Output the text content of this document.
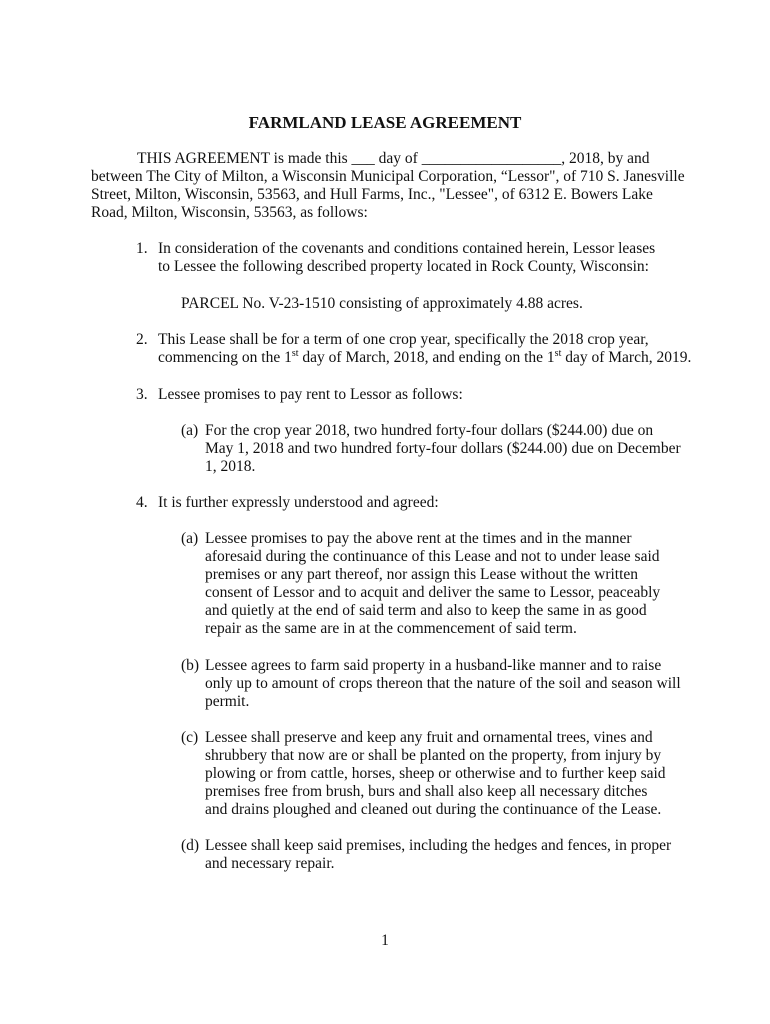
FARMLAND LEASE AGREEMENT
THIS AGREEMENT is made this ___ day of __________________, 2018, by and between The City of Milton, a Wisconsin Municipal Corporation, “Lessor", of 710 S. Janesville Street, Milton, Wisconsin, 53563, and Hull Farms, Inc., "Lessee", of 6312 E. Bowers Lake Road, Milton, Wisconsin, 53563, as follows:
1. In consideration of the covenants and conditions contained herein, Lessor leases to Lessee the following described property located in Rock County, Wisconsin:
PARCEL No. V-23-1510 consisting of approximately 4.88 acres.
2. This Lease shall be for a term of one crop year, specifically the 2018 crop year, commencing on the 1st day of March, 2018, and ending on the 1st day of March, 2019.
3. Lessee promises to pay rent to Lessor as follows:
(a) For the crop year 2018, two hundred forty-four dollars ($244.00) due on May 1, 2018 and two hundred forty-four dollars ($244.00) due on December 1, 2018.
4. It is further expressly understood and agreed:
(a) Lessee promises to pay the above rent at the times and in the manner aforesaid during the continuance of this Lease and not to under lease said premises or any part thereof, nor assign this Lease without the written consent of Lessor and to acquit and deliver the same to Lessor, peaceably and quietly at the end of said term and also to keep the same in as good repair as the same are in at the commencement of said term.
(b) Lessee agrees to farm said property in a husband-like manner and to raise only up to amount of crops thereon that the nature of the soil and season will permit.
(c) Lessee shall preserve and keep any fruit and ornamental trees, vines and shrubbery that now are or shall be planted on the property, from injury by plowing or from cattle, horses, sheep or otherwise and to further keep said premises free from brush, burs and shall also keep all necessary ditches and drains ploughed and cleaned out during the continuance of the Lease.
(d) Lessee shall keep said premises, including the hedges and fences, in proper and necessary repair.
1
